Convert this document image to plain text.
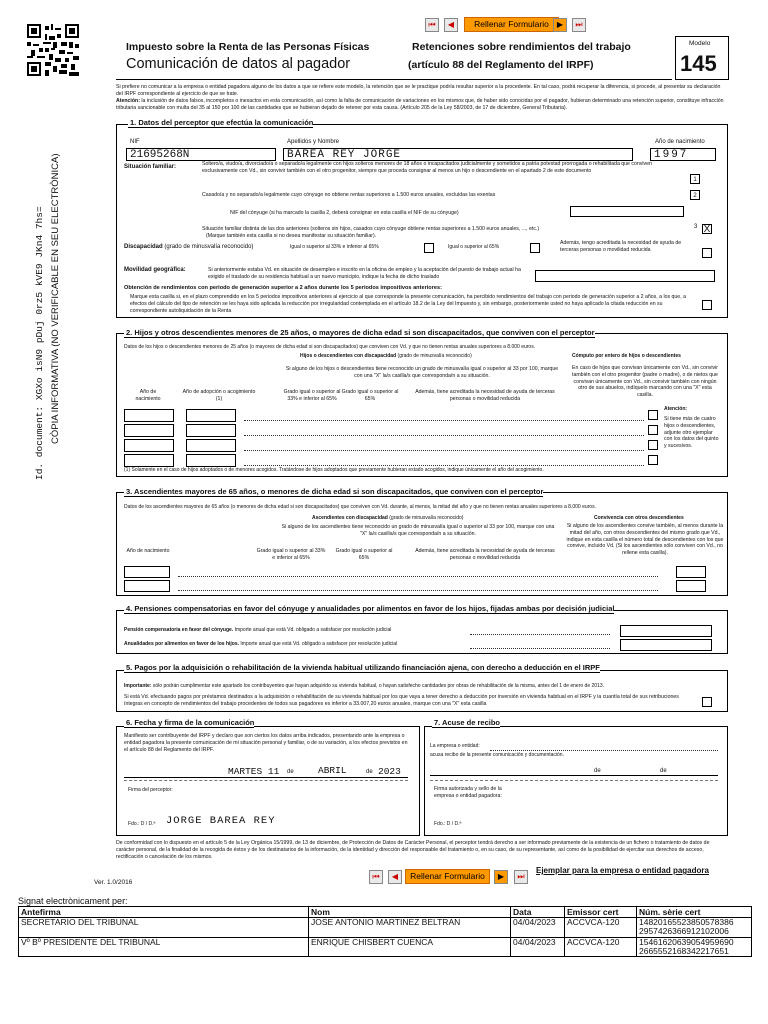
Id. document: XGXo isN9 pDuj 0rz5 kVE9 JKn4 7hs= CÒPIA INFORMATIVA (NO VERIFICABLE EN SEU ELECTRÒNICA)
⏮	◀	Rellenar Formulario	▶	⏭
Impuesto sobre la Renta de las Personas Físicas	Retenciones sobre rendimientos del trabajo
Comunicación de datos al pagador	(artículo 88 del Reglamento del IRPF)
Modelo
145
Si prefiere no comunicar a la empresa o entidad pagadora alguno de los datos a que se refiere este modelo, la retención que se le practique podría resultar superior a la procedente. En tal caso, podrá recuperar la diferencia, si procede, al presentar su declaración del IRPF correspondiente al ejercicio de que se trate.
Atención: la inclusión de datos falsos, incompletos o inexactos en esta comunicación, así como la falta de comunicación de variaciones en los mismos que, de haber sido conocidas por el pagador, hubieran determinado una retención superior, constituye infracción tributaria sancionable con multa del 35 al 150 por 100 de las cantidades que se hubieran dejado de retener por esta causa. (Artículo 205 de la Ley 58/2003, de 17 de diciembre, General Tributaria).
1. Datos del perceptor que efectúa la comunicación
NIF	Apellidos y Nombre	Año de nacimiento
21695268N	BAREA REY JORGE	1997
Situación familiar:	Soltero/a, viudo/a, divorciado/a o separado/a legalmente con hijos solteros menores de 18 años o incapacitados judicialmente y sometidos a patria potestad prorrogada o rehabilitada que conviven exclusivamente con Vd., sin convivir también con el otro progenitor, siempre que proceda consignar al menos un hijo o descendiente en el apartado 2 de este documento
1
Casado/a y no separado/a legalmente cuyo cónyuge no obtiene rentas superiores a 1.500 euros anuales, excluidas las exentas	2
NIF del cónyuge (si ha marcado la casilla 2, deberá consignar en esta casilla el NIF de su cónyuge)
Situación familiar distinta de las dos anteriores (solteros sin hijos, casados cuyo cónyuge obtiene rentas superiores a 1.500 euros anuales, ..., etc.)
(Marque también esta casilla si no desea manifestar su situación familiar).
X
3
Discapacidad (grado de minusvalía reconocido)	Igual o superior al 33% e inferior al 65%	Igual o superior al 65%
Además, tengo acreditada la necesidad de ayuda de terceras personas o movilidad reducida
Movilidad geográfica:	Si anteriormente estaba Vd. en situación de desempleo e inscrito en la oficina de empleo y la aceptación del puesto de trabajo actual ha exigido el traslado de su residencia habitual a un nuevo municipio, indique la fecha de dicho traslado
Obtención de rendimientos con periodo de generación superior a 2 años durante los 5 periodos impositivos anteriores:
Marque esta casilla si, en el plazo comprendido en los 5 periodos impositivos anteriores al ejercicio al que corresponde la presente comunicación, ha percibido rendimientos del trabajo con periodo de generación superior a 2 años, a los que, a efectos del cálculo del tipo de retención se les haya sido aplicada la reducción por irregularidad contemplada en el artículo 18.2 de la Ley del Impuesto y, sin embargo, posteriormente usted no haya aplicado la citada reducción en su correspondiente autoliquidación de la Renta
2. Hijos y otros descendientes menores de 25 años, o mayores de dicha edad si son discapacitados, que conviven con el perceptor
Datos de los hijos o descendientes menores de 25 años (o mayores de dicha edad si son discapacitados) que conviven con Vd. y que no tienen rentas anuales superiores a 8.000 euros.
Hijos o descendientes con discapacidad (grado de minusvalía reconocido)	Cómputo por entero de hijos o descendientes
Si alguno de los hijos o descendientes tiene reconocido un grado de minusvalía igual o superior al 33 por 100, marque con una "X" la/s casilla/s que corresponda/n a su situación.
En caso de hijos que convivan únicamente con Vd., sin convivir también con el otro progenitor (padre o madre), o de nietos que convivan únicamente con Vd., sin convivir también con ningún otro de sus abuelos, indíquelo marcando con una "X" esta casilla.
Año de nacimiento
Año de adopción o acogimiento (1)
Grado igual o superior al 33% e inferior al 65%
Grado igual o superior al 65%
Además, tiene acreditada la necesidad de ayuda de terceras personas o movilidad reducida
Atención:
Si tiene más de cuatro hijos o descendientes, adjunte otro ejemplar con los datos del quinto y sucesivos.
(1) Solamente en el caso de hijos adoptados o de menores acogidos. Tratándose de hijos adoptados que previamente hubieran estado acogidos, indique únicamente el año del acogimiento.
3. Ascendientes mayores de 65 años, o menores de dicha edad si son discapacitados, que conviven con el perceptor
Datos de los ascendientes mayores de 65 años (o menores de dicha edad si son discapacitados) que conviven con Vd. durante, al menos, la mitad del año y que no tienen rentas anuales superiores a 8.000 euros.
Ascendientes con discapacidad (grado de minusvalía reconocido)	Convivencia con otros descendientes
Si alguno de los ascendientes tiene reconocido un grado de minusvalía igual o superior al 33 por 100, marque con una "X" la/s casilla/s que corresponda/n a su situación.
Si alguno de los ascendientes convive también, al menos durante la mitad del año, con otros descendientes del mismo grado que Vd., indique en esta casilla el número total de descendientes con los que convive, incluido Vd. (Si los ascendientes sólo conviven con Vd., no rellene esta casilla).
Año de nacimiento	Grado igual o superior al 33% e inferior al 65%
Grado igual o superior al 65%
Además, tiene acreditada la necesidad de ayuda de terceras personas o movilidad reducida
4. Pensiones compensatorias en favor del cónyuge y anualidades por alimentos en favor de los hijos, fijadas ambas por decisión judicial
Pensión compensatoria en favor del cónyuge. Importe anual que está Vd. obligado a satisfacer por resolución judicial
Anualidades por alimentos en favor de los hijos. Importe anual que está Vd. obligado a satisfacer por resolución judicial
5. Pagos por la adquisición o rehabilitación de la vivienda habitual utilizando financiación ajena, con derecho a deducción en el IRPF
Importante: sólo podrán cumplimentar este apartado los contribuyentes que hayan adquirido su vivienda habitual, o hayan satisfecho cantidades por obras de rehabilitación de la misma, antes del 1 de enero de 2013.
Si está Vd. efectuando pagos por préstamos destinados a la adquisición o rehabilitación de su vivienda habitual por los que vaya a tener derecho a deducción por inversión en vivienda habitual en el IRPF y la cuantía total de sus retribuciones íntegras en concepto de rendimientos del trabajo procedentes de todos sus pagadores es inferior a 33.007,20 euros anuales, marque con una "X" esta casilla
6. Fecha y firma de la comunicación
Manifiesto ser contribuyente del IRPF y declaro que son ciertos los datos arriba indicados, presentando ante la empresa o entidad pagadora la presente comunicación de mi situación personal y familiar, o de su variación, a los efectos previstos en el artículo 88 del Reglamento del IRPF.
MARTES 11 de	ABRIL	de 2023
Firma del perceptor:
Fdo.: D / D.ª JORGE BAREA REY
7. Acuse de recibo
La empresa o entidad:
acusa recibo de la presente comunicación y documentación.
de	de
Firma autorizada y sello de la empresa o entidad pagadora:
Fdo.: D / D.ª
De conformidad con lo dispuesto en el artículo 5 de la Ley Orgánica 15/1999, de 13 de diciembre, de Protección de Datos de Carácter Personal, el perceptor tendrá derecho a ser informado previamente de la existencia de un fichero o tratamiento de datos de carácter personal, de la finalidad de la recogida de éstos y de los destinatarios de la información, de la identidad y dirección del responsable del tratamiento o, en su caso, de su representante, así como de la posibilidad de ejercitar sus derechos de acceso, rectificación o cancelación de los mismos.
Ver. 1.0/2016
⏮	◀	Rellenar Formulario	▶	⏭
Ejemplar para la empresa o entidad pagadora
Signat electrònicament per:
Antefirma	Nom	Data	Emissor cert	Núm. sèrie cert
SECRETARIO DEL TRIBUNAL	JOSE ANTONIO MARTINEZ BELTRAN	04/04/2023	ACCVCA-120	14820165523850578386
2957426366912102006
Vº Bº PRESIDENTE DEL TRIBUNAL	ENRIQUE CHISBERT CUENCA	04/04/2023	ACCVCA-120	15461620639054959690
2665552168342217651
